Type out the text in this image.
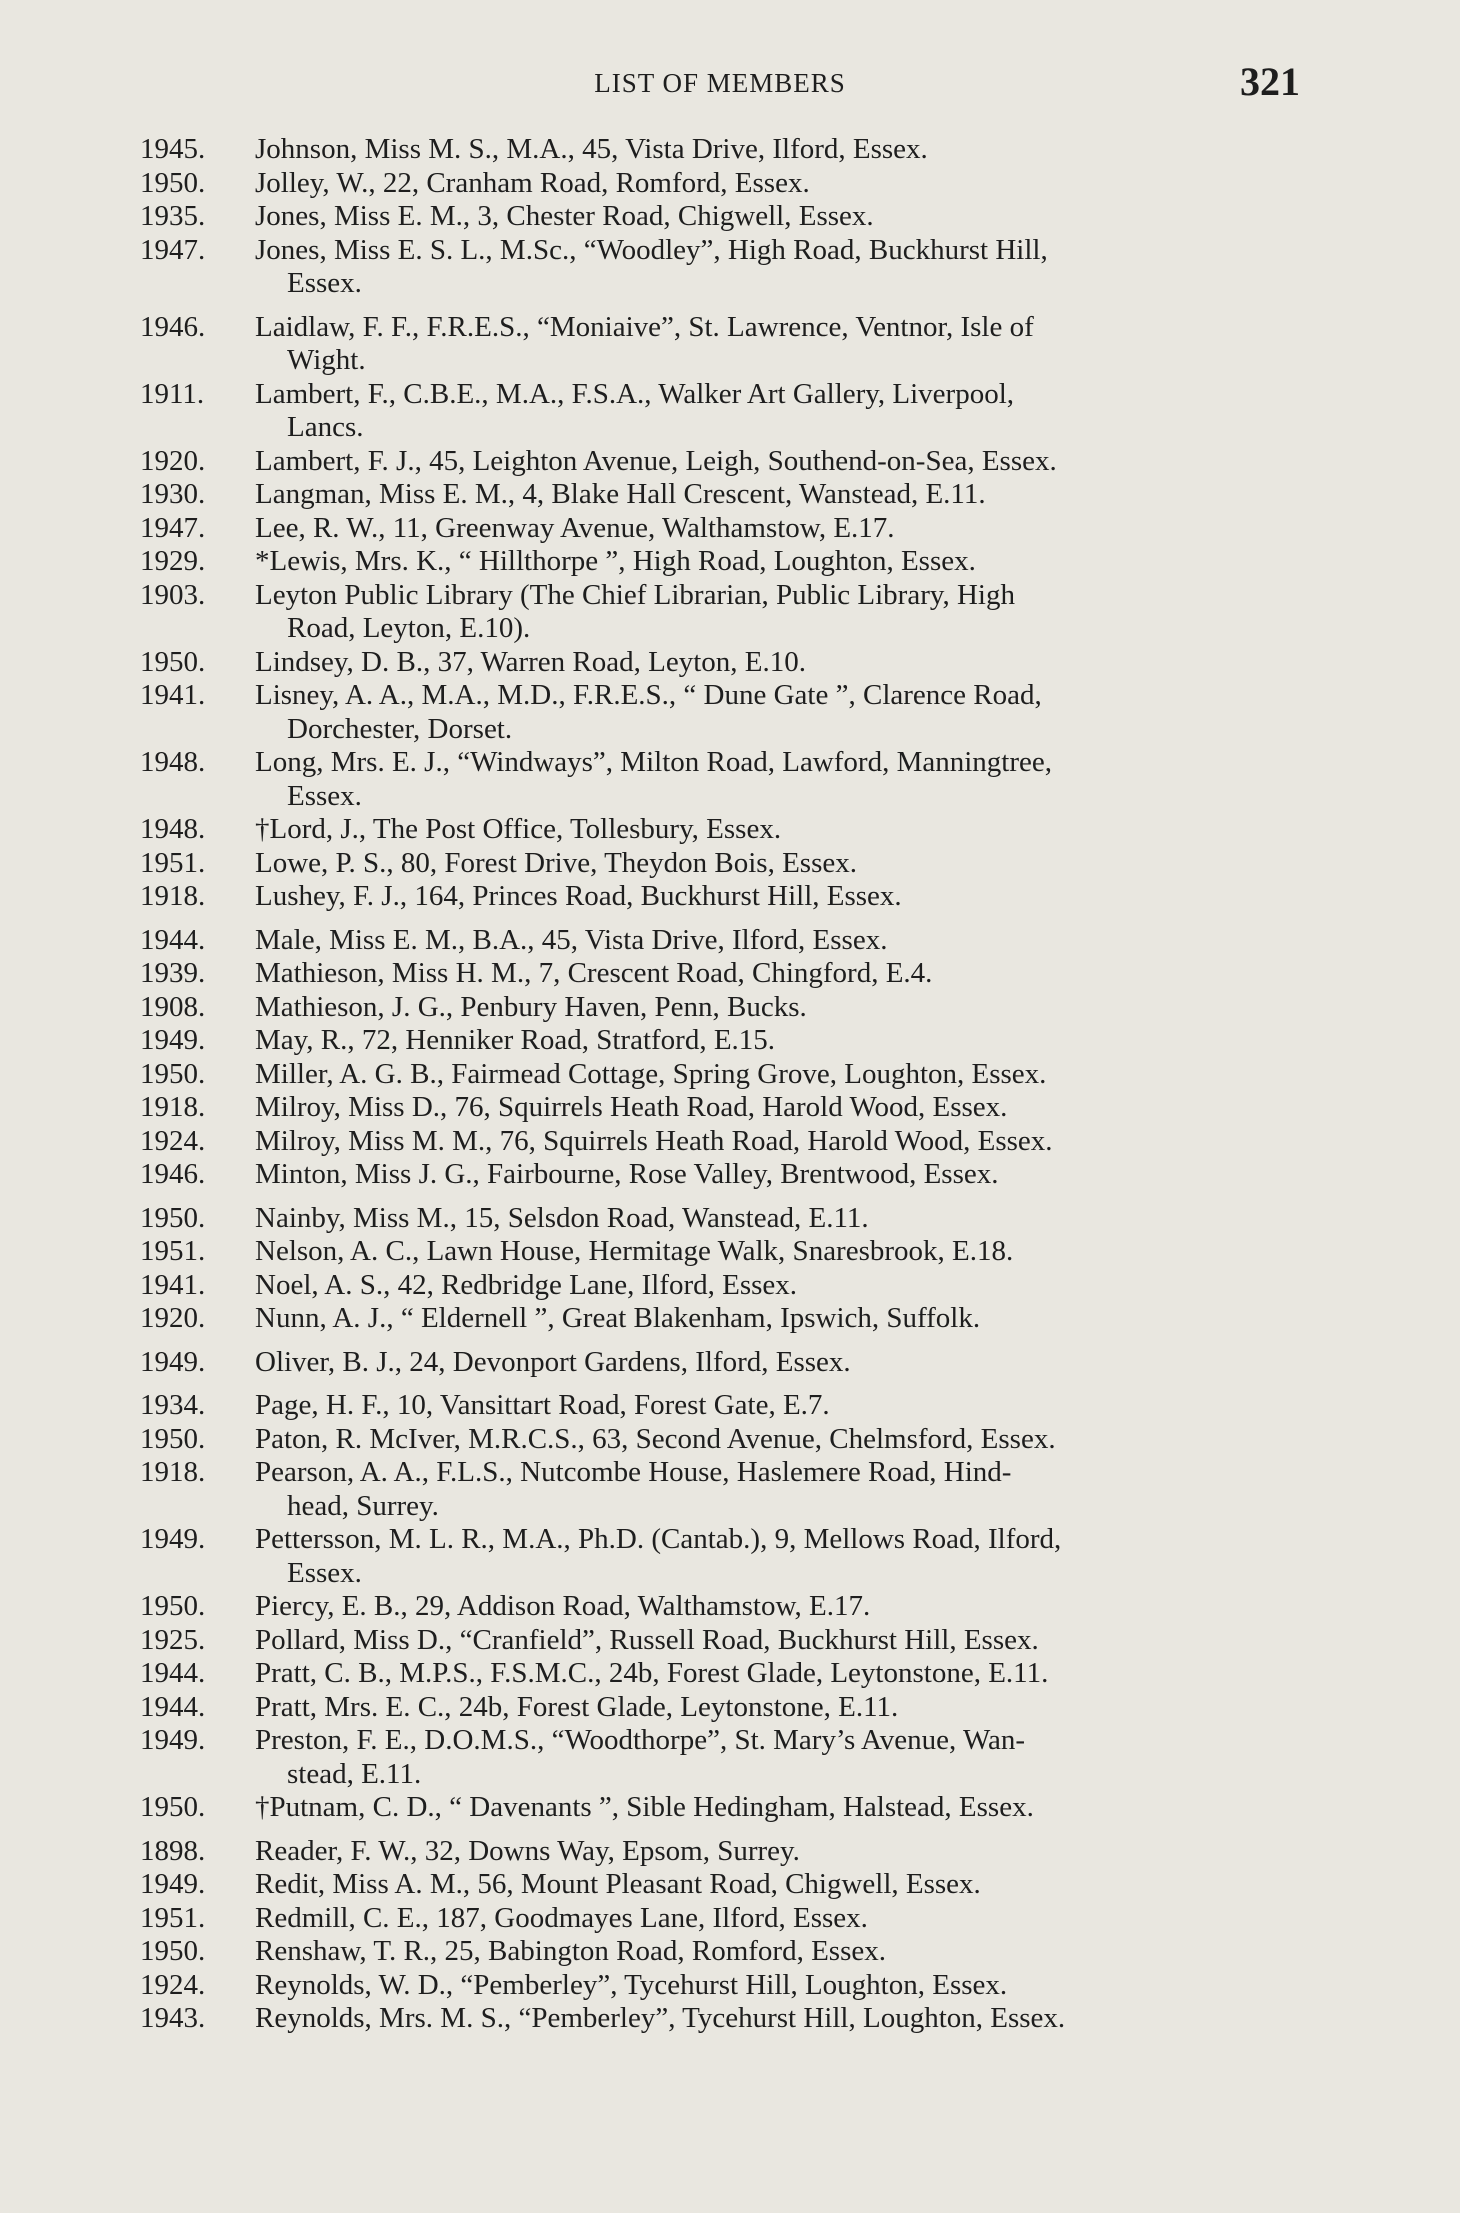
LIST OF MEMBERS	321
1945.	Johnson, Miss M. S., M.A., 45, Vista Drive, Ilford, Essex.
1950.	Jolley, W., 22, Cranham Road, Romford, Essex.
1935.	Jones, Miss E. M., 3, Chester Road, Chigwell, Essex.
1947.	Jones, Miss E. S. L., M.Sc., “Woodley”, High Road, Buckhurst Hill,
Essex.
1946.	Laidlaw, F. F., F.R.E.S., “Moniaive”, St. Lawrence, Ventnor, Isle of
Wight.
1911.	Lambert, F., C.B.E., M.A., F.S.A., Walker Art Gallery, Liverpool,
Lancs.
1920.	Lambert, F. J., 45, Leighton Avenue, Leigh, Southend-on-Sea, Essex.
1930.	Langman, Miss E. M., 4, Blake Hall Crescent, Wanstead, E.11.
1947.	Lee, R. W., 11, Greenway Avenue, Walthamstow, E.17.
1929.	*Lewis, Mrs. K., “ Hillthorpe ”, High Road, Loughton, Essex.
1903.	Leyton Public Library (The Chief Librarian, Public Library, High
Road, Leyton, E.10).
1950.	Lindsey, D. B., 37, Warren Road, Leyton, E.10.
1941.	Lisney, A. A., M.A., M.D., F.R.E.S., “ Dune Gate ”, Clarence Road,
Dorchester, Dorset.
1948.	Long, Mrs. E. J., “Windways”, Milton Road, Lawford, Manningtree,
Essex.
1948.	†Lord, J., The Post Office, Tollesbury, Essex.
1951.	Lowe, P. S., 80, Forest Drive, Theydon Bois, Essex.
1918.	Lushey, F. J., 164, Princes Road, Buckhurst Hill, Essex.
1944.	Male, Miss E. M., B.A., 45, Vista Drive, Ilford, Essex.
1939.	Mathieson, Miss H. M., 7, Crescent Road, Chingford, E.4.
1908.	Mathieson, J. G., Penbury Haven, Penn, Bucks.
1949.	May, R., 72, Henniker Road, Stratford, E.15.
1950.	Miller, A. G. B., Fairmead Cottage, Spring Grove, Loughton, Essex.
1918.	Milroy, Miss D., 76, Squirrels Heath Road, Harold Wood, Essex.
1924.	Milroy, Miss M. M., 76, Squirrels Heath Road, Harold Wood, Essex.
1946.	Minton, Miss J. G., Fairbourne, Rose Valley, Brentwood, Essex.
1950.	Nainby, Miss M., 15, Selsdon Road, Wanstead, E.11.
1951.	Nelson, A. C., Lawn House, Hermitage Walk, Snaresbrook, E.18.
1941.	Noel, A. S., 42, Redbridge Lane, Ilford, Essex.
1920.	Nunn, A. J., “ Eldernell ”, Great Blakenham, Ipswich, Suffolk.
1949.	Oliver, B. J., 24, Devonport Gardens, Ilford, Essex.
1934.	Page, H. F., 10, Vansittart Road, Forest Gate, E.7.
1950.	Paton, R. McIver, M.R.C.S., 63, Second Avenue, Chelmsford, Essex.
1918.	Pearson, A. A., F.L.S., Nutcombe House, Haslemere Road, Hind-
head, Surrey.
1949.	Pettersson, M. L. R., M.A., Ph.D. (Cantab.), 9, Mellows Road, Ilford,
Essex.
1950.	Piercy, E. B., 29, Addison Road, Walthamstow, E.17.
1925.	Pollard, Miss D., “Cranfield”, Russell Road, Buckhurst Hill, Essex.
1944.	Pratt, C. B., M.P.S., F.S.M.C., 24b, Forest Glade, Leytonstone, E.11.
1944.	Pratt, Mrs. E. C., 24b, Forest Glade, Leytonstone, E.11.
1949.	Preston, F. E., D.O.M.S., “Woodthorpe”, St. Mary’s Avenue, Wan-
stead, E.11.
1950.	†Putnam, C. D., “ Davenants ”, Sible Hedingham, Halstead, Essex.
1898.	Reader, F. W., 32, Downs Way, Epsom, Surrey.
1949.	Redit, Miss A. M., 56, Mount Pleasant Road, Chigwell, Essex.
1951.	Redmill, C. E., 187, Goodmayes Lane, Ilford, Essex.
1950.	Renshaw, T. R., 25, Babington Road, Romford, Essex.
1924.	Reynolds, W. D., “Pemberley”, Tycehurst Hill, Loughton, Essex.
1943.	Reynolds, Mrs. M. S., “Pemberley”, Tycehurst Hill, Loughton, Essex.
